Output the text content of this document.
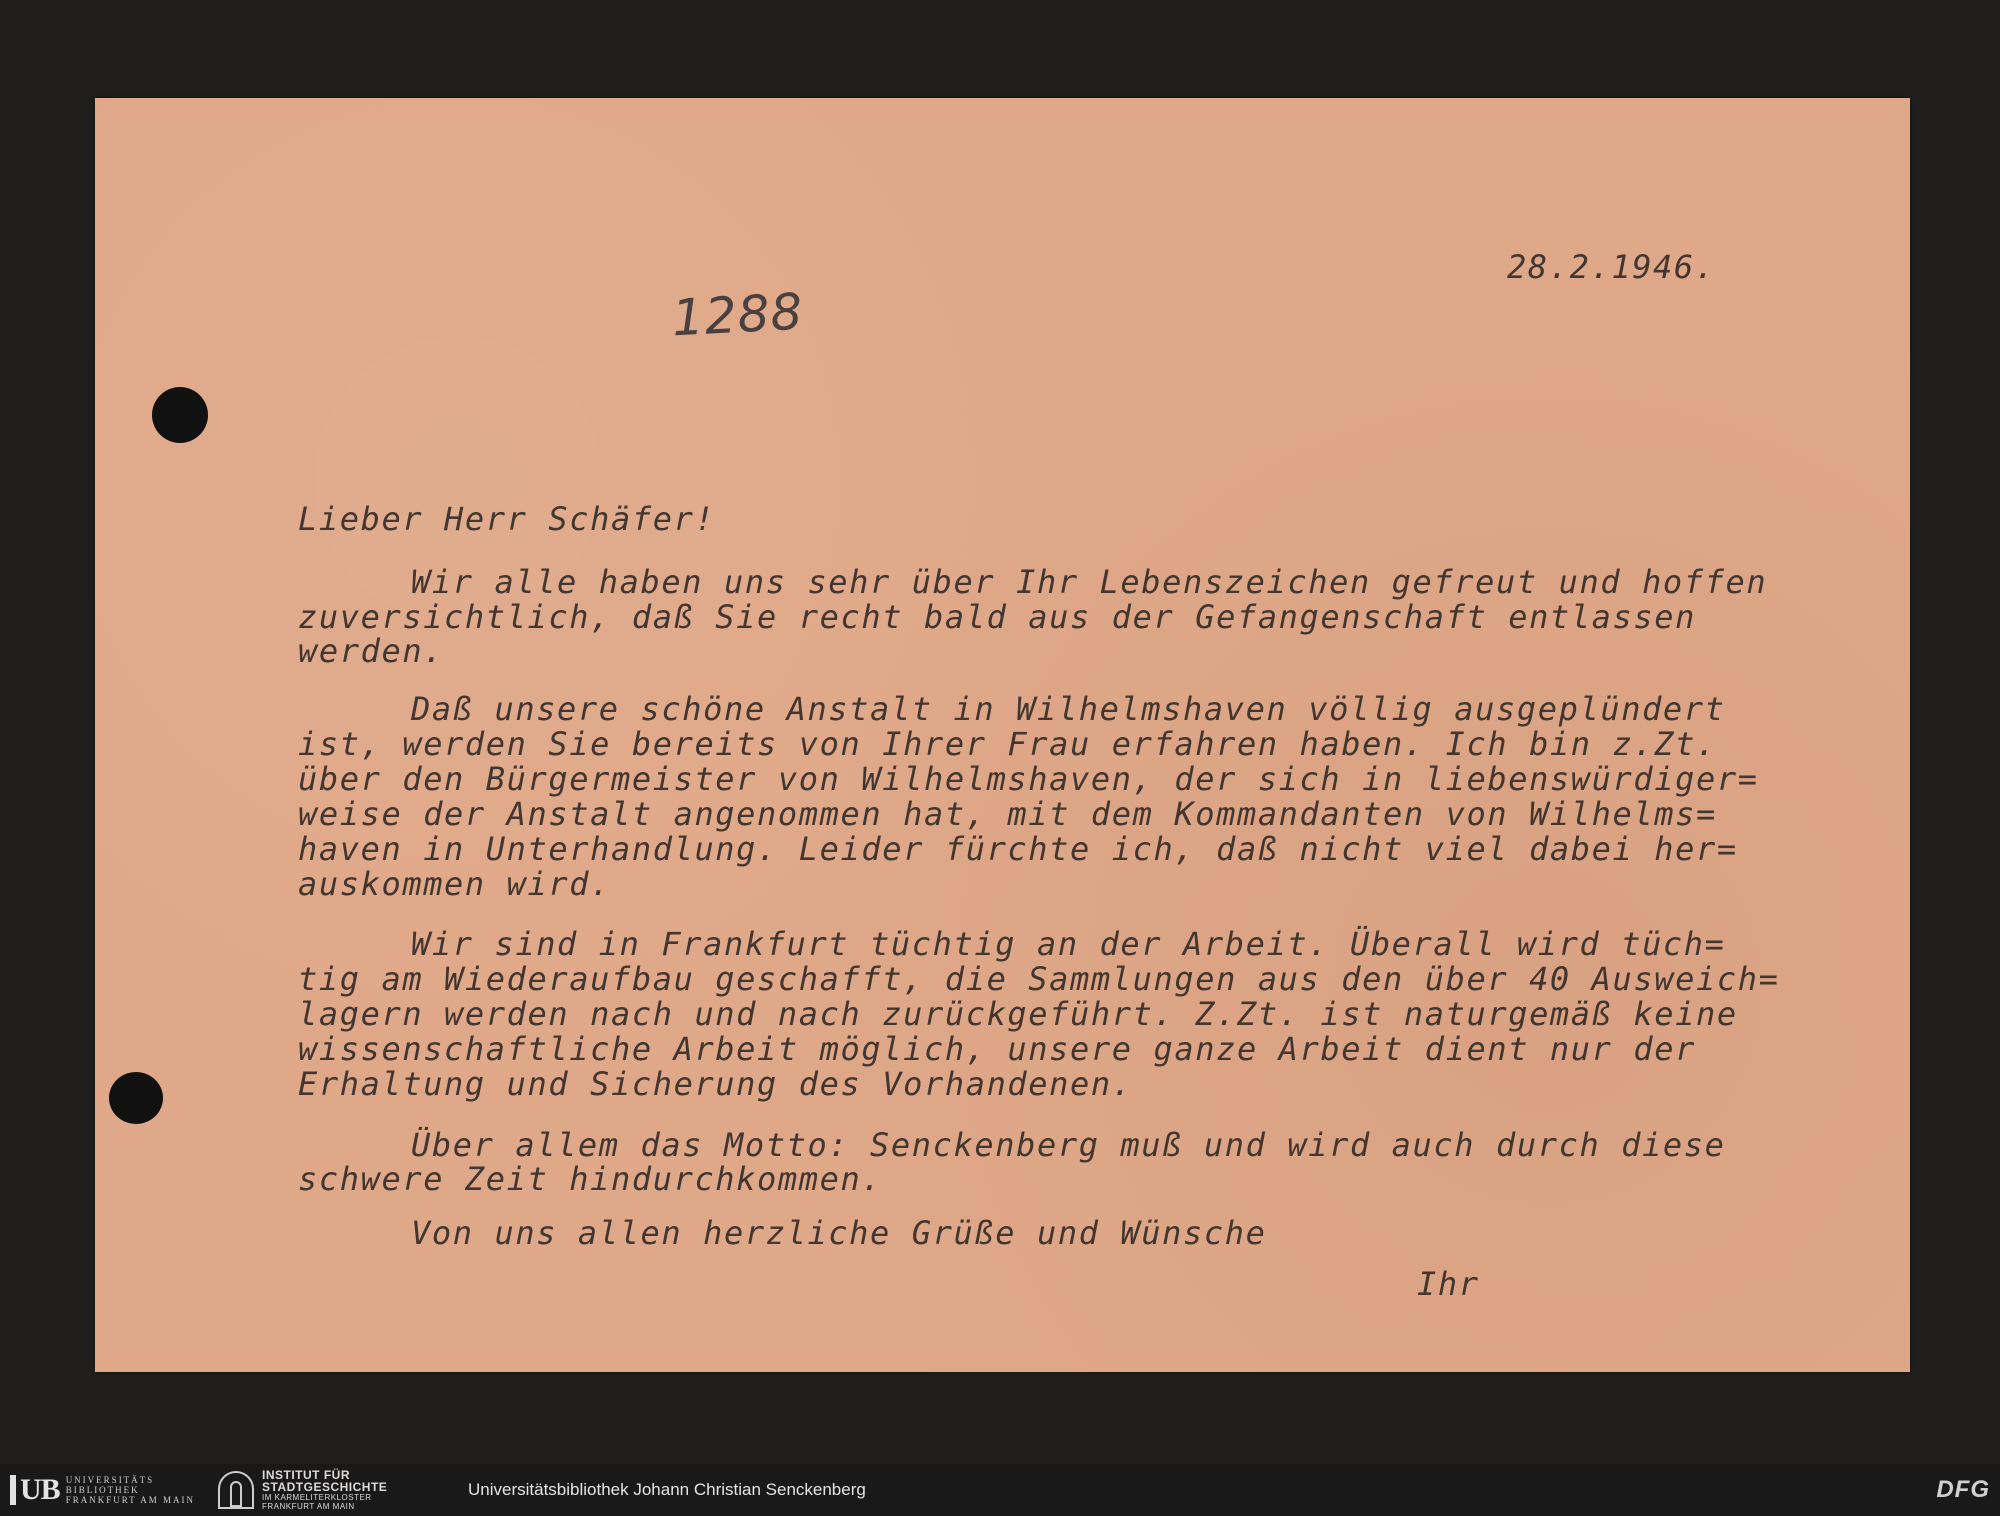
28.2.1946.
1288
Lieber Herr Schäfer!
Wir alle haben uns sehr über Ihr Lebenszeichen gefreut und hoffen
zuversichtlich, daß Sie recht bald aus der Gefangenschaft entlassen
werden.
Daß unsere schöne Anstalt in Wilhelmshaven völlig ausgeplündert
ist, werden Sie bereits von Ihrer Frau erfahren haben. Ich bin z.Zt.
über den Bürgermeister von Wilhelmshaven, der sich in liebenswürdiger=
weise der Anstalt angenommen hat, mit dem Kommandanten von Wilhelms=
haven in Unterhandlung. Leider fürchte ich, daß nicht viel dabei her=
auskommen wird.
Wir sind in Frankfurt tüchtig an der Arbeit. Überall wird tüch=
tig am Wiederaufbau geschafft, die Sammlungen aus den über 40 Ausweich=
lagern werden nach und nach zurückgeführt. Z.Zt. ist naturgemäß keine
wissenschaftliche Arbeit möglich, unsere ganze Arbeit dient nur der
Erhaltung und Sicherung des Vorhandenen.
Über allem das Motto: Senckenberg muß und wird auch durch diese
schwere Zeit hindurchkommen.
Von uns allen herzliche Grüße und Wünsche
Ihr
UB UNIVERSITÄTS
BIBLIOTHEK
FRANKFURT AM MAIN
INSTITUT FÜR
STADTGESCHICHTE
IM KARMELITERKLOSTER
FRANKFURT AM MAIN
Universitätsbibliothek Johann Christian Senckenberg	DFG
